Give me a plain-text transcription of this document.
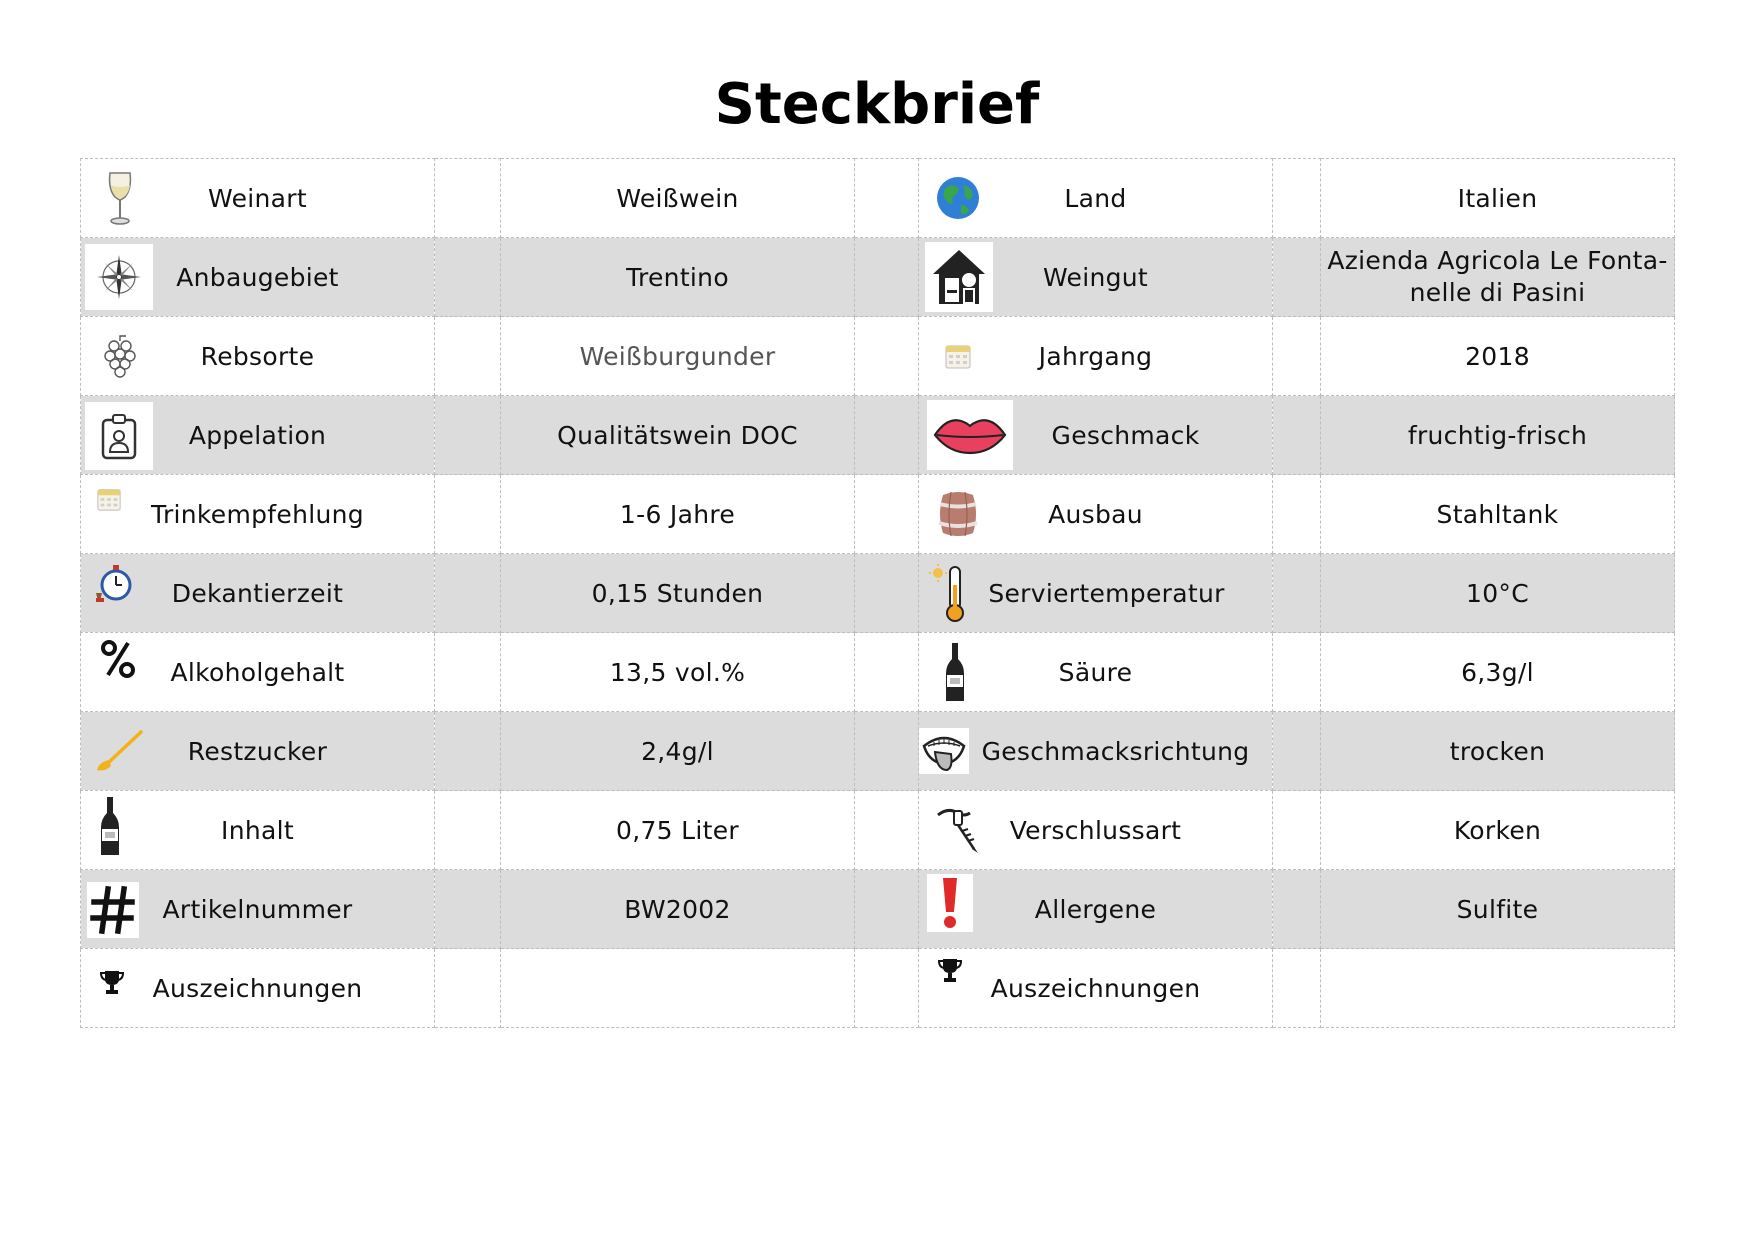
Steckbrief
Weinart		Weißwein		Land		Italien

Anbaugebiet		Trentino		Weingut		Azienda Agricola Le Fonta-
nelle di Pasini

Rebsorte		Weißburgunder		Jahrgang		2018

Appelation		Qualitätswein DOC		Geschmack		fruchtig-frisch

Trinkempfehlung		1-6 Jahre		Ausbau		Stahltank

Dekantierzeit		0,15 Stunden		Serviertemperatur		10°C

Alkoholgehalt		13,5 vol.%		Säure		6,3g/l

Restzucker		2,4g/l		Geschmacksrichtung		trocken

Inhalt		0,75 Liter		Verschlussart		Korken

Artikelnummer		BW2002		Allergene		Sulfite

Auszeichnungen				Auszeichnungen		
